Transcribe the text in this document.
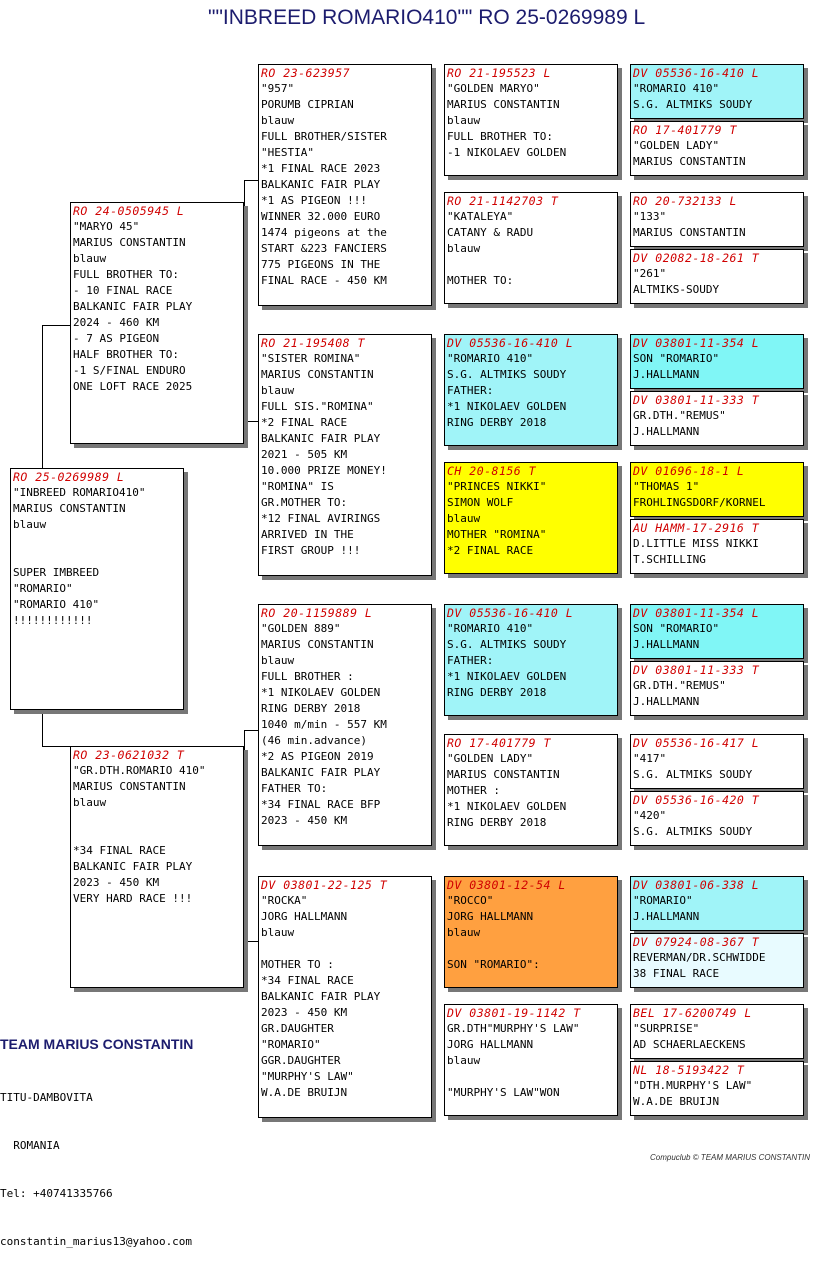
""INBREED ROMARIO410"" RO 25-0269989 L
RO 25-0269989 L
"INBREED ROMARIO410"
MARIUS CONSTANTIN
blauw
SUPER IMBREED
"ROMARIO"
"ROMARIO 410"
!!!!!!!!!!!!
RO 24-0505945 L
"MARYO 45"
MARIUS CONSTANTIN
blauw
FULL BROTHER TO:
- 10 FINAL RACE
BALKANIC FAIR PLAY
2024 - 460 KM
- 7 AS PIGEON
HALF BROTHER TO:
-1 S/FINAL ENDURO
ONE LOFT RACE 2025
RO 23-0621032 T
"GR.DTH.ROMARIO 410"
MARIUS CONSTANTIN
blauw
*34 FINAL RACE
BALKANIC FAIR PLAY
2023 - 450 KM
VERY HARD RACE !!!
RO 23-623957
"957"
PORUMB CIPRIAN
blauw
FULL BROTHER/SISTER
"HESTIA"
*1 FINAL RACE 2023
BALKANIC FAIR PLAY
*1 AS PIGEON !!!
WINNER 32.000 EURO
1474 pigeons at the
START &223 FANCIERS
775 PIGEONS IN THE
FINAL RACE - 450 KM
RO 21-195408 T
"SISTER ROMINA"
MARIUS CONSTANTIN
blauw
FULL SIS."ROMINA"
*2 FINAL RACE
BALKANIC FAIR PLAY
2021 - 505 KM
10.000 PRIZE MONEY!
"ROMINA" IS
GR.MOTHER TO:
*12 FINAL AVIRINGS
ARRIVED IN THE
FIRST GROUP !!!
RO 20-1159889 L
"GOLDEN 889"
MARIUS CONSTANTIN
blauw
FULL BROTHER :
*1 NIKOLAEV GOLDEN
RING DERBY 2018
1040 m/min - 557 KM
(46 min.advance)
*2 AS PIGEON 2019
BALKANIC FAIR PLAY
FATHER TO:
*34 FINAL RACE BFP
2023 - 450 KM
DV 03801-22-125 T
"ROCKA"
JORG HALLMANN
blauw
MOTHER TO :
*34 FINAL RACE
BALKANIC FAIR PLAY
2023 - 450 KM
GR.DAUGHTER
"ROMARIO"
GGR.DAUGHTER
"MURPHY'S LAW"
W.A.DE BRUIJN
RO 21-195523 L
"GOLDEN MARYO"
MARIUS CONSTANTIN
blauw
FULL BROTHER TO:
-1 NIKOLAEV GOLDEN
RO 21-1142703 T
"KATALEYA"
CATANY & RADU
blauw
MOTHER TO:
DV 05536-16-410 L
"ROMARIO 410"
S.G. ALTMIKS SOUDY
FATHER:
*1 NIKOLAEV GOLDEN
RING DERBY 2018
CH 20-8156 T
"PRINCES NIKKI"
SIMON WOLF
blauw
MOTHER "ROMINA"
*2 FINAL RACE
DV 05536-16-410 L
"ROMARIO 410"
S.G. ALTMIKS SOUDY
FATHER:
*1 NIKOLAEV GOLDEN
RING DERBY 2018
RO 17-401779 T
"GOLDEN LADY"
MARIUS CONSTANTIN
MOTHER :
*1 NIKOLAEV GOLDEN
RING DERBY 2018
DV 03801-12-54 L
"ROCCO"
JORG HALLMANN
blauw
SON "ROMARIO":
DV 03801-19-1142 T
GR.DTH"MURPHY'S LAW"
JORG HALLMANN
blauw
"MURPHY'S LAW"WON
DV 05536-16-410 L
"ROMARIO 410"
S.G. ALTMIKS SOUDY
RO 17-401779 T
"GOLDEN LADY"
MARIUS CONSTANTIN
RO 20-732133 L
"133"
MARIUS CONSTANTIN
DV 02082-18-261 T
"261"
ALTMIKS-SOUDY
DV 03801-11-354 L
SON "ROMARIO"
J.HALLMANN
DV 03801-11-333 T
GR.DTH."REMUS"
J.HALLMANN
DV 01696-18-1 L
"THOMAS 1"
FROHLINGSDORF/KORNEL
AU HAMM-17-2916 T
D.LITTLE MISS NIKKI
T.SCHILLING
DV 03801-11-354 L
SON "ROMARIO"
J.HALLMANN
DV 03801-11-333 T
GR.DTH."REMUS"
J.HALLMANN
DV 05536-16-417 L
"417"
S.G. ALTMIKS SOUDY
DV 05536-16-420 T
"420"
S.G. ALTMIKS SOUDY
DV 03801-06-338 L
"ROMARIO"
J.HALLMANN
DV 07924-08-367 T
REVERMAN/DR.SCHWIDDE
38 FINAL RACE
BEL 17-6200749 L
"SURPRISE"
AD SCHAERLAECKENS
NL 18-5193422 T
"DTH.MURPHY'S LAW"
W.A.DE BRUIJN
TEAM MARIUS CONSTANTIN

TITU-DAMBOVITA

ROMANIA

Tel: +40741335766

constantin_marius13@yahoo.com

Compuclub © TEAM MARIUS CONSTANTIN
